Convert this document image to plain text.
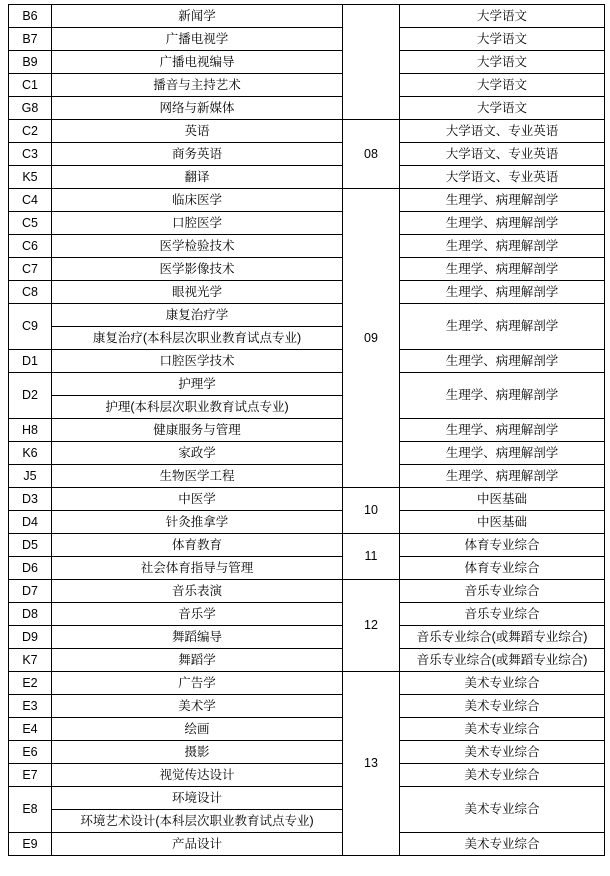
B6	新闻学		大学语文
B7	广播电视学		大学语文
B9	广播电视编导		大学语文
C1	播音与主持艺术		大学语文
G8	网络与新媒体		大学语文
C2	英语	08	大学语文、专业英语
C3	商务英语		大学语文、专业英语
K5	翻译		大学语文、专业英语
C4	临床医学	09	生理学、病理解剖学
C5	口腔医学		生理学、病理解剖学
C6	医学检验技术		生理学、病理解剖学
C7	医学影像技术		生理学、病理解剖学
C8	眼视光学		生理学、病理解剖学
C9	康复治疗学		生理学、病理解剖学
	康复治疗(本科层次职业教育试点专业)		
D1	口腔医学技术		生理学、病理解剖学
D2	护理学		生理学、病理解剖学
	护理(本科层次职业教育试点专业)		
H8	健康服务与管理		生理学、病理解剖学
K6	家政学		生理学、病理解剖学
J5	生物医学工程		生理学、病理解剖学
D3	中医学	10	中医基础
D4	针灸推拿学		中医基础
D5	体育教育	11	体育专业综合
D6	社会体育指导与管理		体育专业综合
D7	音乐表演	12	音乐专业综合
D8	音乐学		音乐专业综合
D9	舞蹈编导		音乐专业综合(或舞蹈专业综合)
K7	舞蹈学		音乐专业综合(或舞蹈专业综合)
E2	广告学	13	美术专业综合
E3	美术学		美术专业综合
E4	绘画		美术专业综合
E6	摄影		美术专业综合
E7	视觉传达设计		美术专业综合
E8	环境设计		美术专业综合
	环境艺术设计(本科层次职业教育试点专业)		
E9	产品设计		美术专业综合
